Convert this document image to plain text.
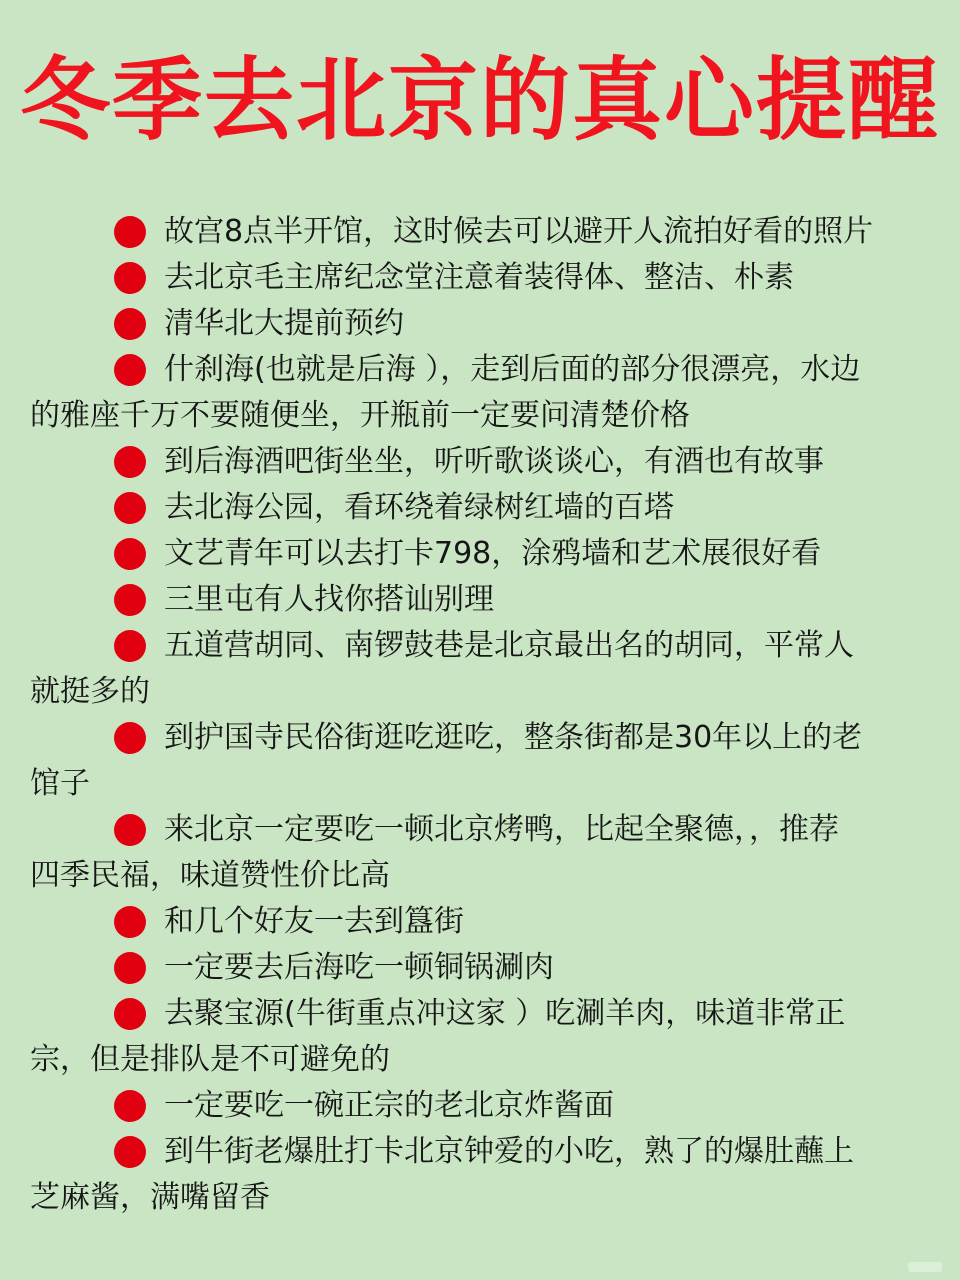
冬季去北京的真心提醒
故宫8点半开馆，这时候去可以避开人流拍好看的照片
去北京毛主席纪念堂注意着装得体、整洁、朴素
清华北大提前预约
什刹海(也就是后海 ），走到后面的部分很漂亮，水边
的雅座千万不要随便坐，开瓶前一定要问清楚价格
到后海酒吧街坐坐，听听歌谈谈心，有酒也有故事
去北海公园，看环绕着绿树红墙的百塔
文艺青年可以去打卡798，涂鸦墙和艺术展很好看
三里屯有人找你搭讪别理
五道营胡同、南锣鼓巷是北京最出名的胡同，平常人
就挺多的
到护国寺民俗街逛吃逛吃，整条街都是30年以上的老
馆子
来北京一定要吃一顿北京烤鸭，比起全聚德，，推荐
四季民福，味道赞性价比高
和几个好友一去到簋街
一定要去后海吃一顿铜锅涮肉
去聚宝源(牛街重点冲这家 ）吃涮羊肉，味道非常正
宗，但是排队是不可避免的
一定要吃一碗正宗的老北京炸酱面
到牛街老爆肚打卡北京钟爱的小吃，熟了的爆肚蘸上
芝麻酱，满嘴留香
